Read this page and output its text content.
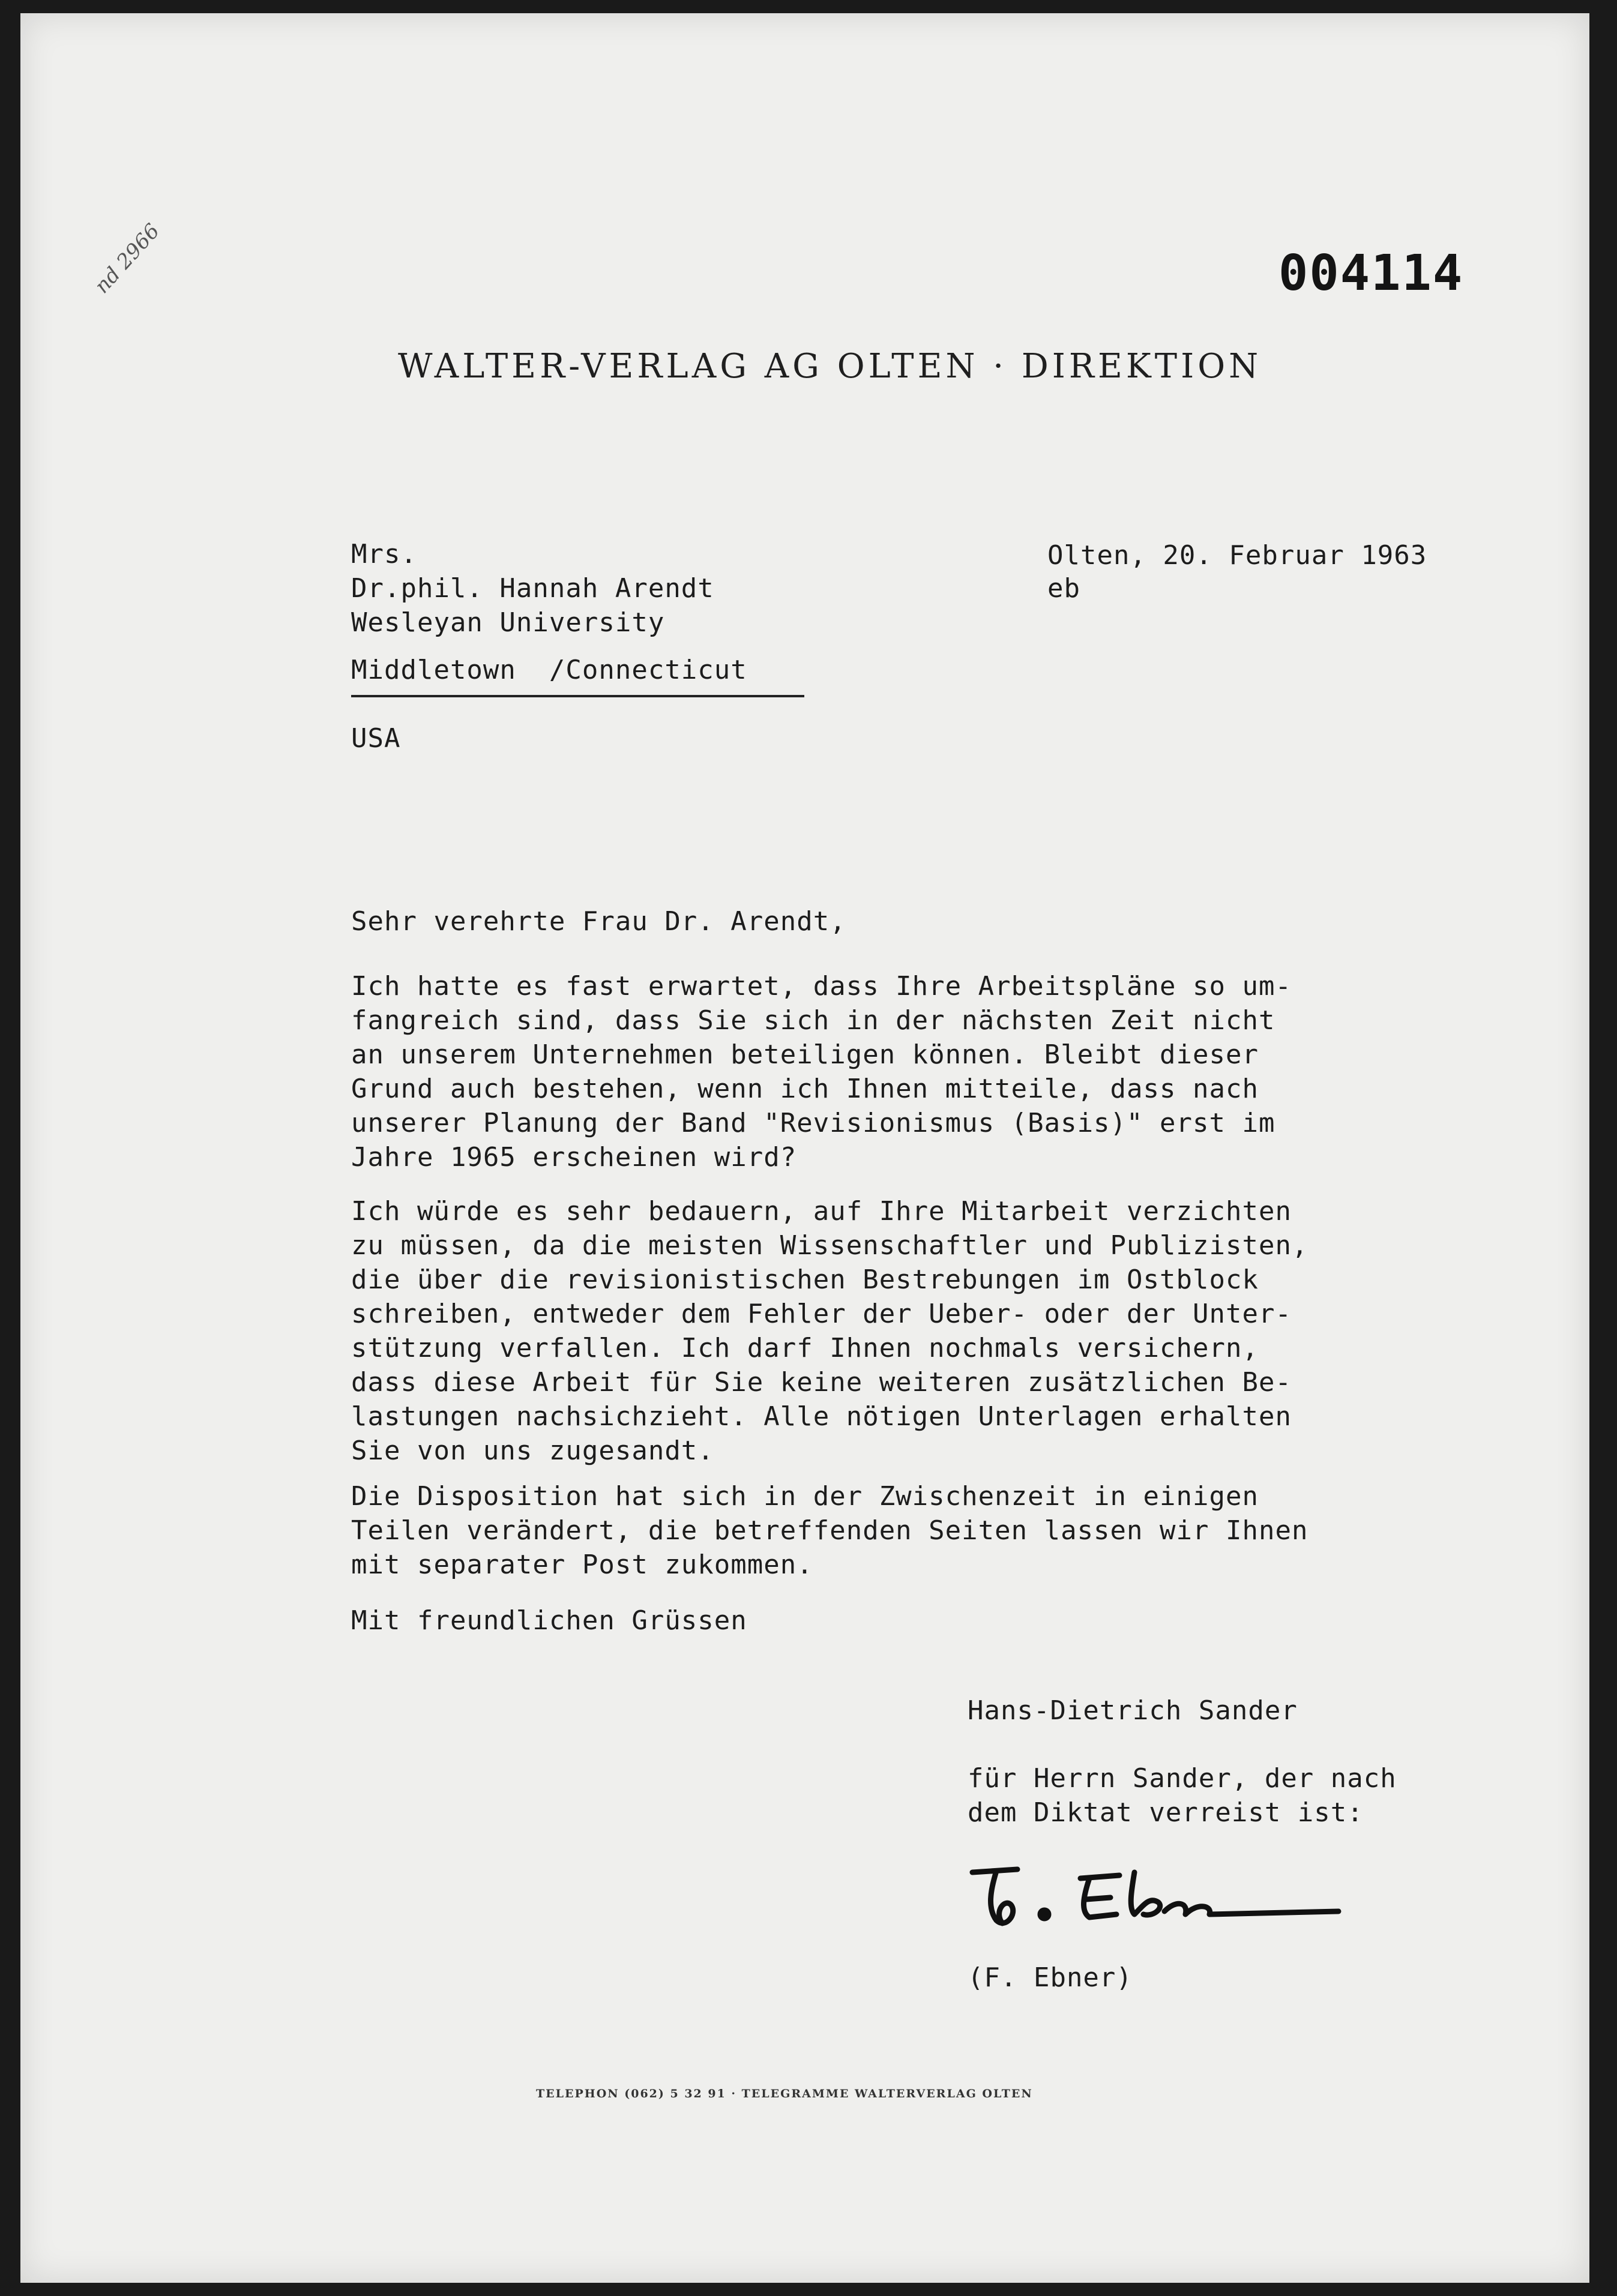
nd 2966	004114
WALTER-VERLAG AG OLTEN · DIREKTION
Mrs.
Dr.phil. Hannah Arendt
Wesleyan University
Middletown  /Connecticut
USA
Olten, 20. Februar 1963
eb
Sehr verehrte Frau Dr. Arendt,
Ich hatte es fast erwartet, dass Ihre Arbeitspläne so um-
fangreich sind, dass Sie sich in der nächsten Zeit nicht
an unserem Unternehmen beteiligen können. Bleibt dieser
Grund auch bestehen, wenn ich Ihnen mitteile, dass nach
unserer Planung der Band "Revisionismus (Basis)" erst im
Jahre 1965 erscheinen wird?
Ich würde es sehr bedauern, auf Ihre Mitarbeit verzichten
zu müssen, da die meisten Wissenschaftler und Publizisten,
die über die revisionistischen Bestrebungen im Ostblock
schreiben, entweder dem Fehler der Ueber- oder der Unter-
stützung verfallen. Ich darf Ihnen nochmals versichern,
dass diese Arbeit für Sie keine weiteren zusätzlichen Be-
lastungen nachsichzieht. Alle nötigen Unterlagen erhalten
Sie von uns zugesandt.
Die Disposition hat sich in der Zwischenzeit in einigen
Teilen verändert, die betreffenden Seiten lassen wir Ihnen
mit separater Post zukommen.
Mit freundlichen Grüssen
Hans-Dietrich Sander
für Herrn Sander, der nach
dem Diktat verreist ist:
(F. Ebner)
TELEPHON (062) 5 32 91 · TELEGRAMME WALTERVERLAG OLTEN
